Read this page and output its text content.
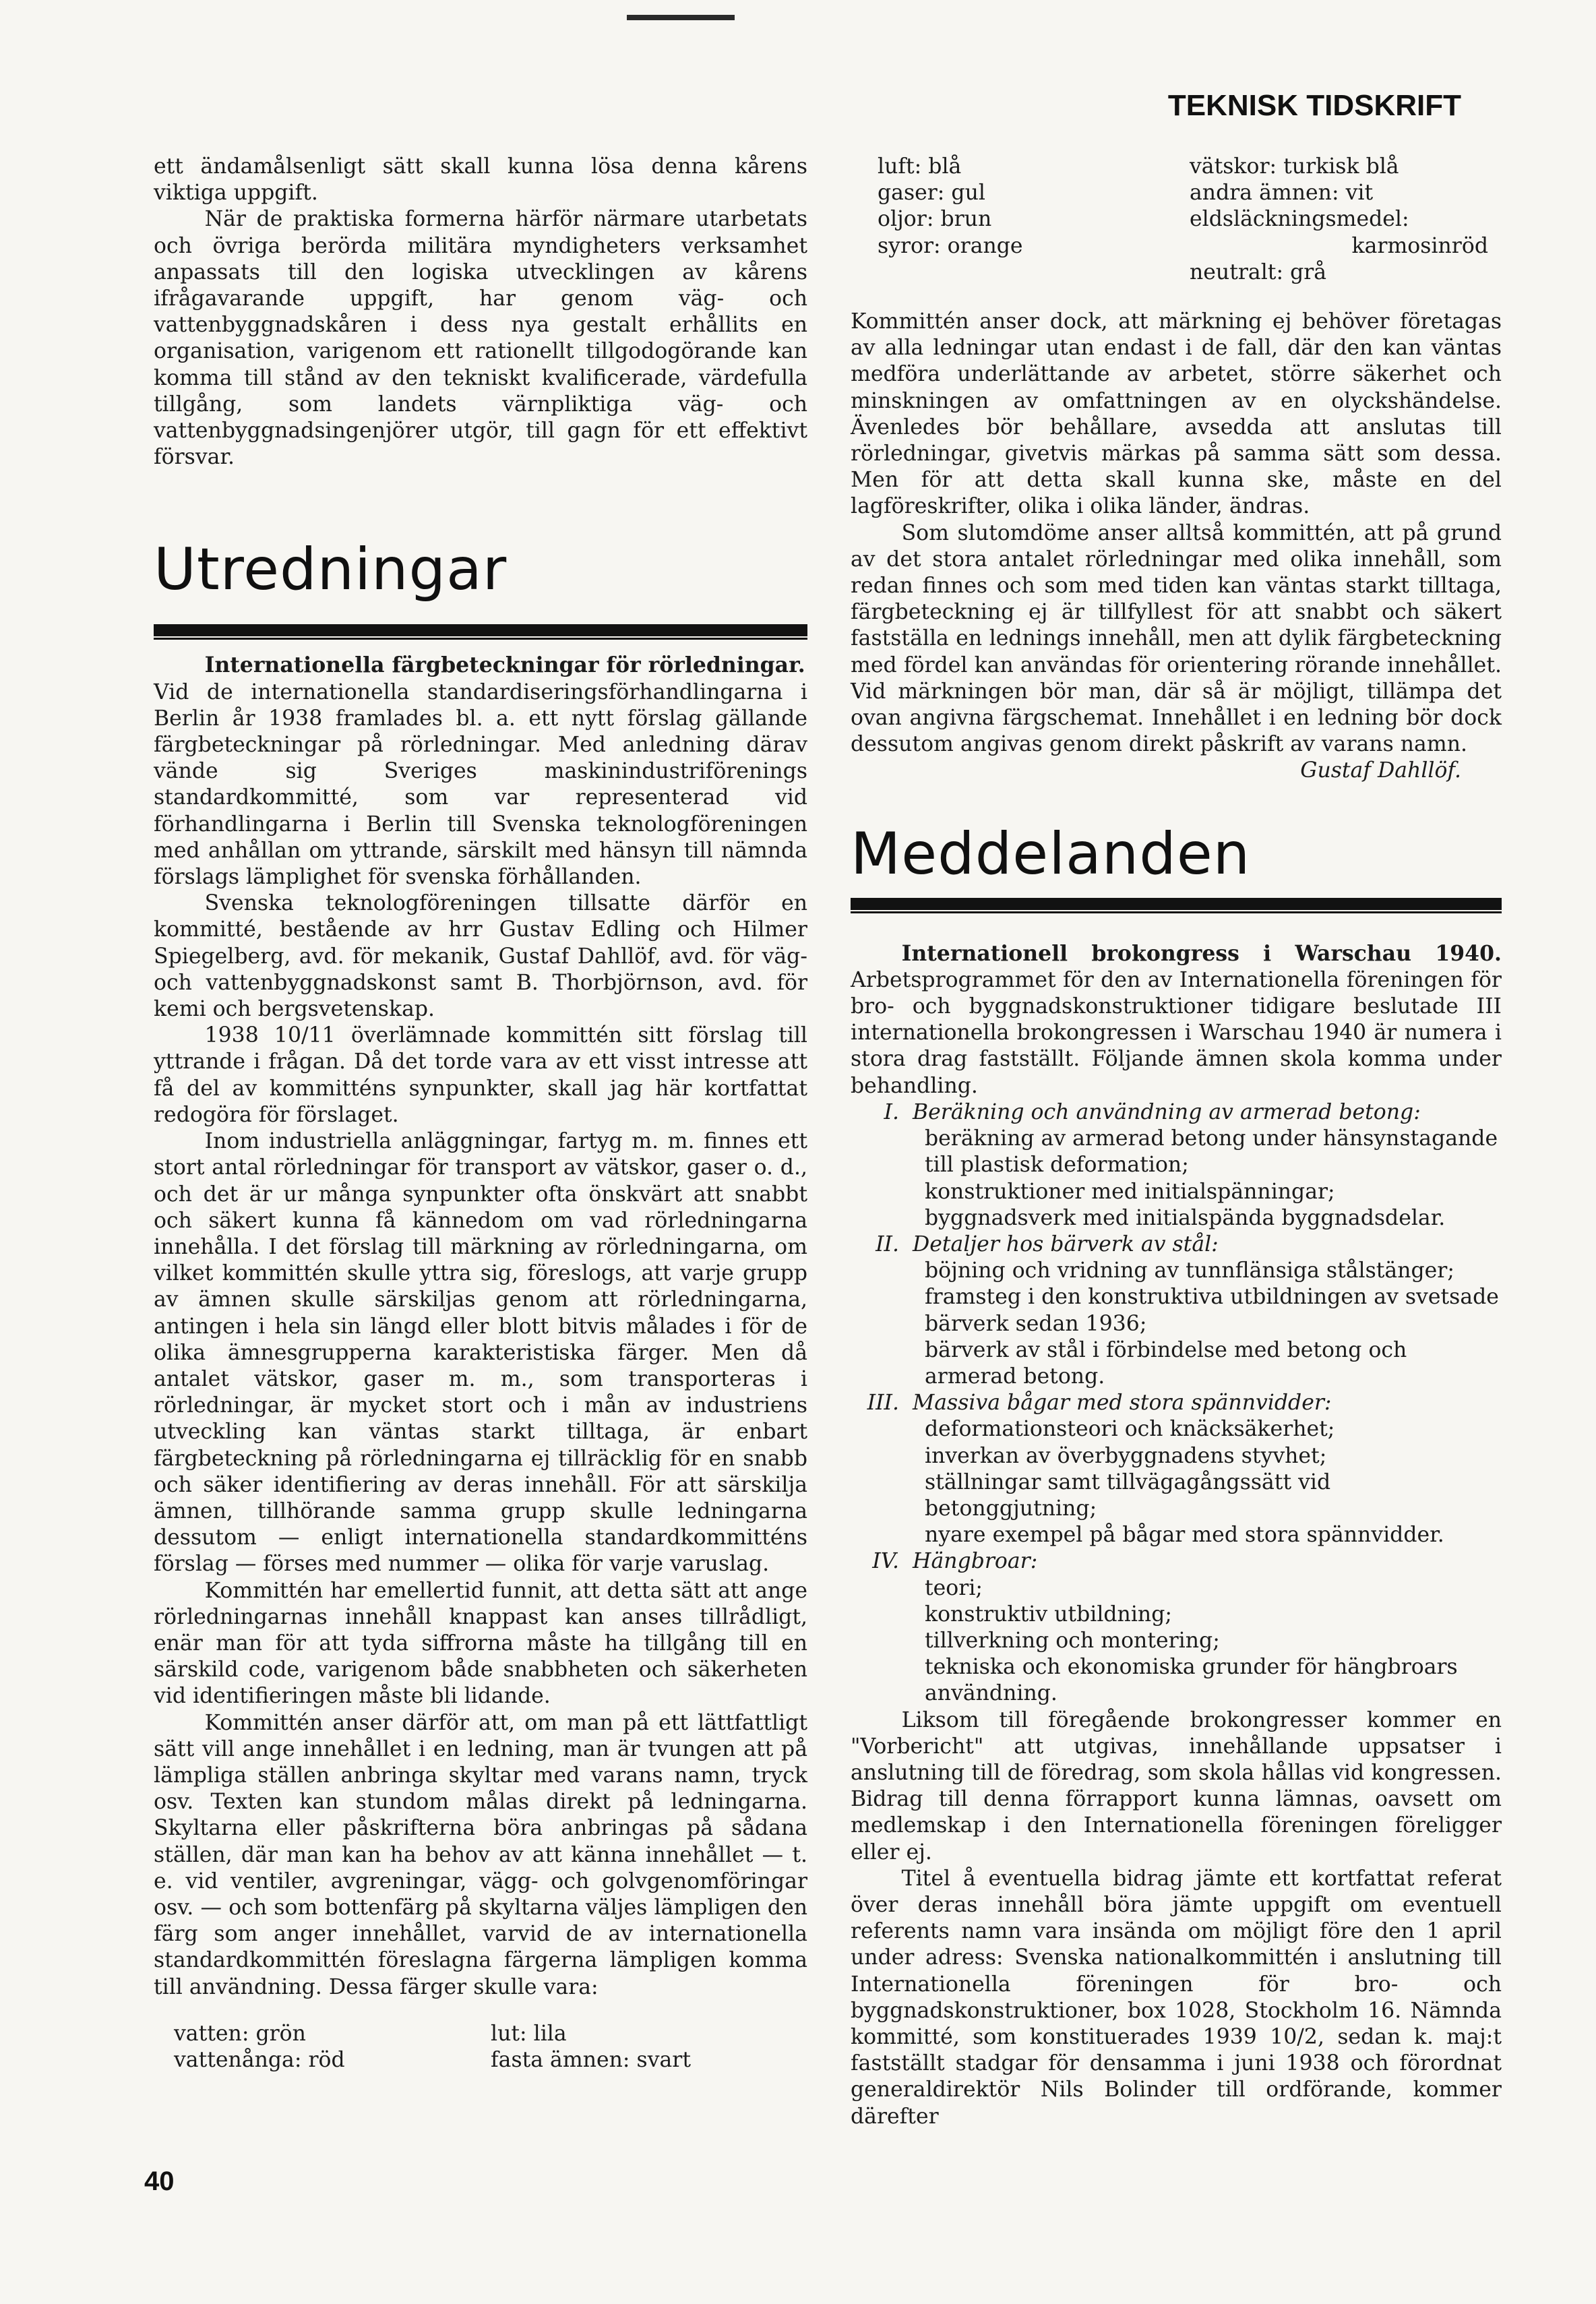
TEKNISK TIDSKRIFT

ett ändamålsenligt sätt skall kunna lösa denna kårens viktiga uppgift.

När de praktiska formerna härför närmare utarbetats och övriga berörda militära myndigheters verksamhet anpassats till den logiska utvecklingen av kårens ifrågavarande uppgift, har genom väg- och vattenbyggnadskåren i dess nya gestalt erhållits en organisation, varigenom ett rationellt tillgodogörande kan komma till stånd av den tekniskt kvalificerade, värdefulla tillgång, som landets värnpliktiga väg- och vattenbyggnadsingenjörer utgör, till gagn för ett effektivt försvar.

Utredningar

Internationella färgbeteckningar för rörledningar.

Vid de internationella standardiseringsförhandlingarna i Berlin år 1938 framlades bl. a. ett nytt förslag gällande färgbeteckningar på rörledningar. Med anledning därav vände sig Sveriges maskinindustriförenings standardkommitté, som var representerad vid förhandlingarna i Berlin till Svenska teknologföreningen med anhållan om yttrande, särskilt med hänsyn till nämnda förslags lämplighet för svenska förhållanden.

Svenska teknologföreningen tillsatte därför en kommitté, bestående av hrr Gustav Edling och Hilmer Spiegelberg, avd. för mekanik, Gustaf Dahllöf, avd. för väg- och vattenbyggnadskonst samt B. Thorbjörnson, avd. för kemi och bergsvetenskap.

1938 10/11 överlämnade kommittén sitt förslag till yttrande i frågan. Då det torde vara av ett visst intresse att få del av kommitténs synpunkter, skall jag här kortfattat redogöra för förslaget.

Inom industriella anläggningar, fartyg m. m. finnes ett stort antal rörledningar för transport av vätskor, gaser o. d., och det är ur många synpunkter ofta önskvärt att snabbt och säkert kunna få kännedom om vad rörledningarna innehålla. I det förslag till märkning av rörledningarna, om vilket kommittén skulle yttra sig, föreslogs, att varje grupp av ämnen skulle särskiljas genom att rörledningarna, antingen i hela sin längd eller blott bitvis målades i för de olika ämnesgrupperna karakteristiska färger. Men då antalet vätskor, gaser m. m., som transporteras i rörledningar, är mycket stort och i mån av industriens utveckling kan väntas starkt tilltaga, är enbart färgbeteckning på rörledningarna ej tillräcklig för en snabb och säker identifiering av deras innehåll. För att särskilja ämnen, tillhörande samma grupp skulle ledningarna dessutom — enligt internationella standardkommitténs förslag — förses med nummer — olika för varje varuslag.

Kommittén har emellertid funnit, att detta sätt att ange rörledningarnas innehåll knappast kan anses tillrådligt, enär man för att tyda siffrorna måste ha tillgång till en särskild code, varigenom både snabbheten och säkerheten vid identifieringen måste bli lidande.

Kommittén anser därför att, om man på ett lättfattligt sätt vill ange innehållet i en ledning, man är tvungen att på lämpliga ställen anbringa skyltar med varans namn, tryck osv. Texten kan stundom målas direkt på ledningarna. Skyltarna eller påskrifterna böra anbringas på sådana ställen, där man kan ha behov av att känna innehållet — t. e. vid ventiler, avgreningar, vägg- och golvgenomföringar osv. — och som bottenfärg på skyltarna väljes lämpligen den färg som anger innehållet, varvid de av internationella standardkommittén föreslagna färgerna lämpligen komma till användning. Dessa färger skulle vara:

vatten: grön
vattenånga: röd
lut: lila
fasta ämnen: svart
luft: blå
gaser: gul
oljor: brun
syror: orange
vätskor: turkisk blå
andra ämnen: vit
eldsläckningsmedel:
karmosinröd
neutralt: grå

Kommittén anser dock, att märkning ej behöver företagas av alla ledningar utan endast i de fall, där den kan väntas medföra underlättande av arbetet, större säkerhet och minskningen av omfattningen av en olyckshändelse. Ävenledes bör behållare, avsedda att anslutas till rörledningar, givetvis märkas på samma sätt som dessa. Men för att detta skall kunna ske, måste en del lagföreskrifter, olika i olika länder, ändras.

Som slutomdöme anser alltså kommittén, att på grund av det stora antalet rörledningar med olika innehåll, som redan finnes och som med tiden kan väntas starkt tilltaga, färgbeteckning ej är tillfyllest för att snabbt och säkert fastställa en lednings innehåll, men att dylik färgbeteckning med fördel kan användas för orientering rörande innehållet. Vid märkningen bör man, där så är möjligt, tillämpa det ovan angivna färgschemat. Innehållet i en ledning bör dock dessutom angivas genom direkt påskrift av varans namn.

Gustaf Dahllöf.

Meddelanden

Internationell brokongress i Warschau 1940. Arbetsprogrammet för den av Internationella föreningen för bro- och byggnadskonstruktioner tidigare beslutade III internationella brokongressen i Warschau 1940 är numera i stora drag fastställt. Följande ämnen skola komma under behandling.

I. Beräkning och användning av armerad betong:
beräkning av armerad betong under hänsynstagande till plastisk deformation;
konstruktioner med initialspänningar;
byggnadsverk med initialspända byggnadsdelar.
II. Detaljer hos bärverk av stål:
böjning och vridning av tunnflänsiga stålstänger;
framsteg i den konstruktiva utbildningen av svetsade bärverk sedan 1936;
bärverk av stål i förbindelse med betong och armerad betong.
III. Massiva bågar med stora spännvidder:
deformationsteori och knäcksäkerhet;
inverkan av överbyggnadens styvhet;
ställningar samt tillvägagångssätt vid betonggjutning;
nyare exempel på bågar med stora spännvidder.
IV. Hängbroar:
teori;
konstruktiv utbildning;
tillverkning och montering;
tekniska och ekonomiska grunder för hängbroars användning.

Liksom till föregående brokongresser kommer en "Vorbericht" att utgivas, innehållande uppsatser i anslutning till de föredrag, som skola hållas vid kongressen. Bidrag till denna förrapport kunna lämnas, oavsett om medlemskap i den Internationella föreningen föreligger eller ej.

Titel å eventuella bidrag jämte ett kortfattat referat över deras innehåll böra jämte uppgift om eventuell referents namn vara insända om möjligt före den 1 april under adress: Svenska nationalkommittén i anslutning till Internationella föreningen för bro- och byggnadskonstruktioner, box 1028, Stockholm 16. Nämnda kommitté, som konstituerades 1939 10/2, sedan k. maj:t fastställt stadgar för densamma i juni 1938 och förordnat generaldirektör Nils Bolinder till ordförande, kommer därefter

40
